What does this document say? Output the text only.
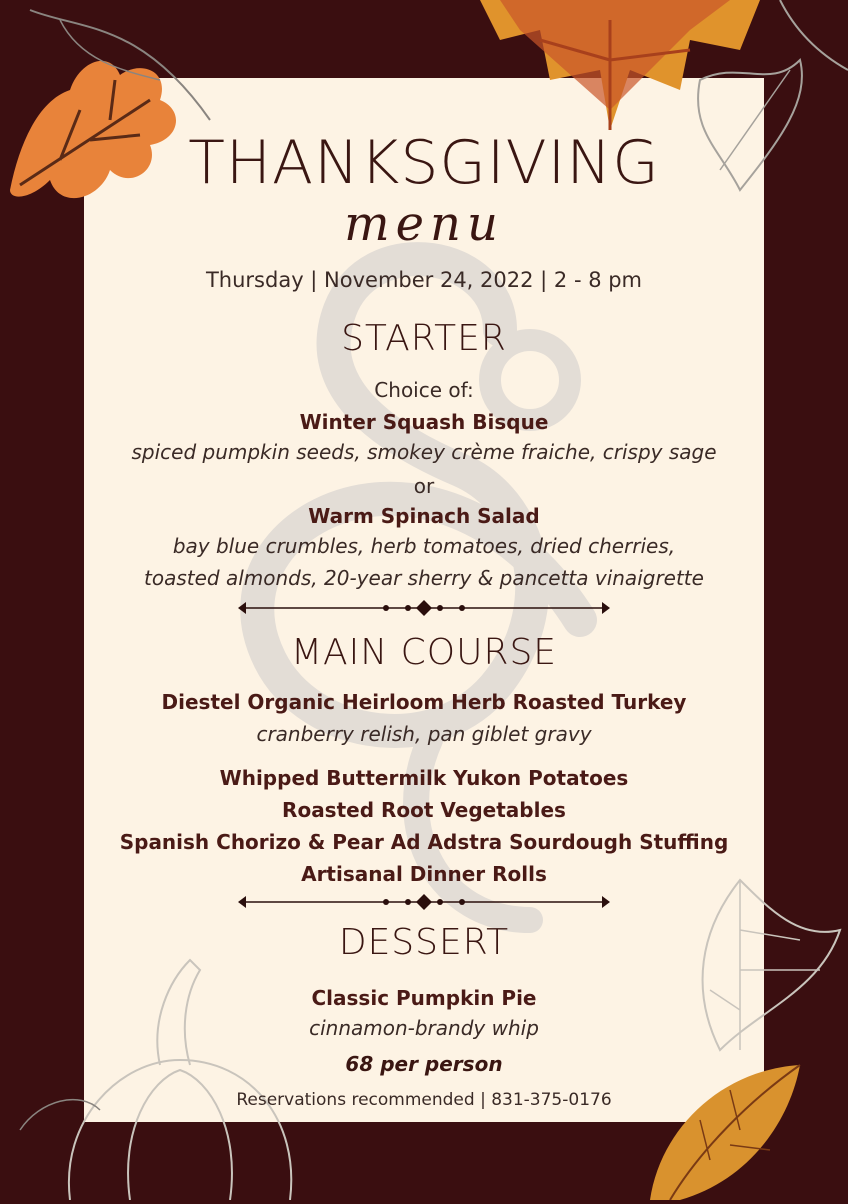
THANKSGIVING
menu
Thursday | November 24, 2022 | 2 - 8 pm
STARTER
Choice of:
Winter Squash Bisque
spiced pumpkin seeds, smokey crème fraiche, crispy sage
or
Warm Spinach Salad
bay blue crumbles, herb tomatoes, dried cherries,
toasted almonds, 20-year sherry & pancetta vinaigrette
MAIN COURSE
Diestel Organic Heirloom Herb Roasted Turkey
cranberry relish, pan giblet gravy
Whipped Buttermilk Yukon Potatoes
Roasted Root Vegetables
Spanish Chorizo & Pear Ad Adstra Sourdough Stuffing
Artisanal Dinner Rolls
DESSERT
Classic Pumpkin Pie
cinnamon-brandy whip
68 per person
Reservations recommended | 831-375-0176
